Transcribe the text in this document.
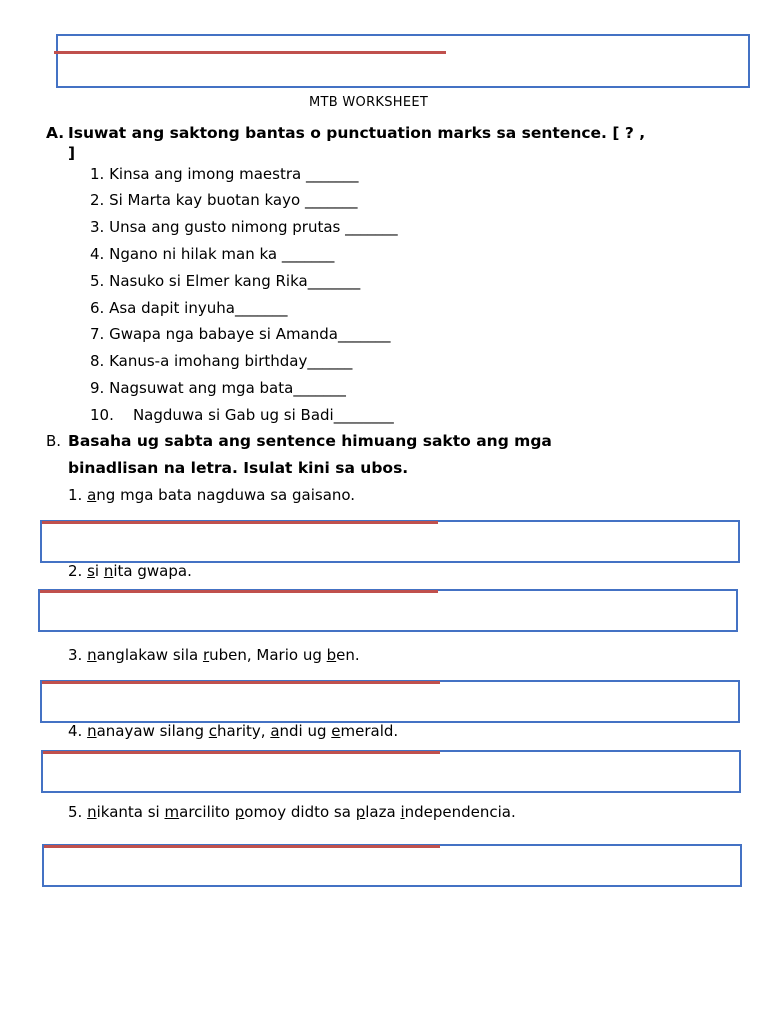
MTB WORKSHEET
A. Isuwat ang saktong bantas o punctuation marks sa sentence. [ ? ,
]
1. Kinsa ang imong maestra _______
2. Si Marta kay buotan kayo _______
3. Unsa ang gusto nimong prutas _______
4. Ngano ni hilak man ka _______
5. Nasuko si Elmer kang Rika_______
6. Asa dapit inyuha_______
7. Gwapa nga babaye si Amanda_______
8. Kanus-a imohang birthday______
9. Nagsuwat ang mga bata_______
10. Nagduwa si Gab ug si Badi________
B. Basaha ug sabta ang sentence himuang sakto ang mga
binadlisan na letra. Isulat kini sa ubos.
1. ang mga bata nagduwa sa gaisano.
2. si nita gwapa.
3. nanglakaw sila ruben, Mario ug ben.
4. nanayaw silang charity, andi ug emerald.
5. nikanta si marcilito pomoy didto sa plaza independencia.
